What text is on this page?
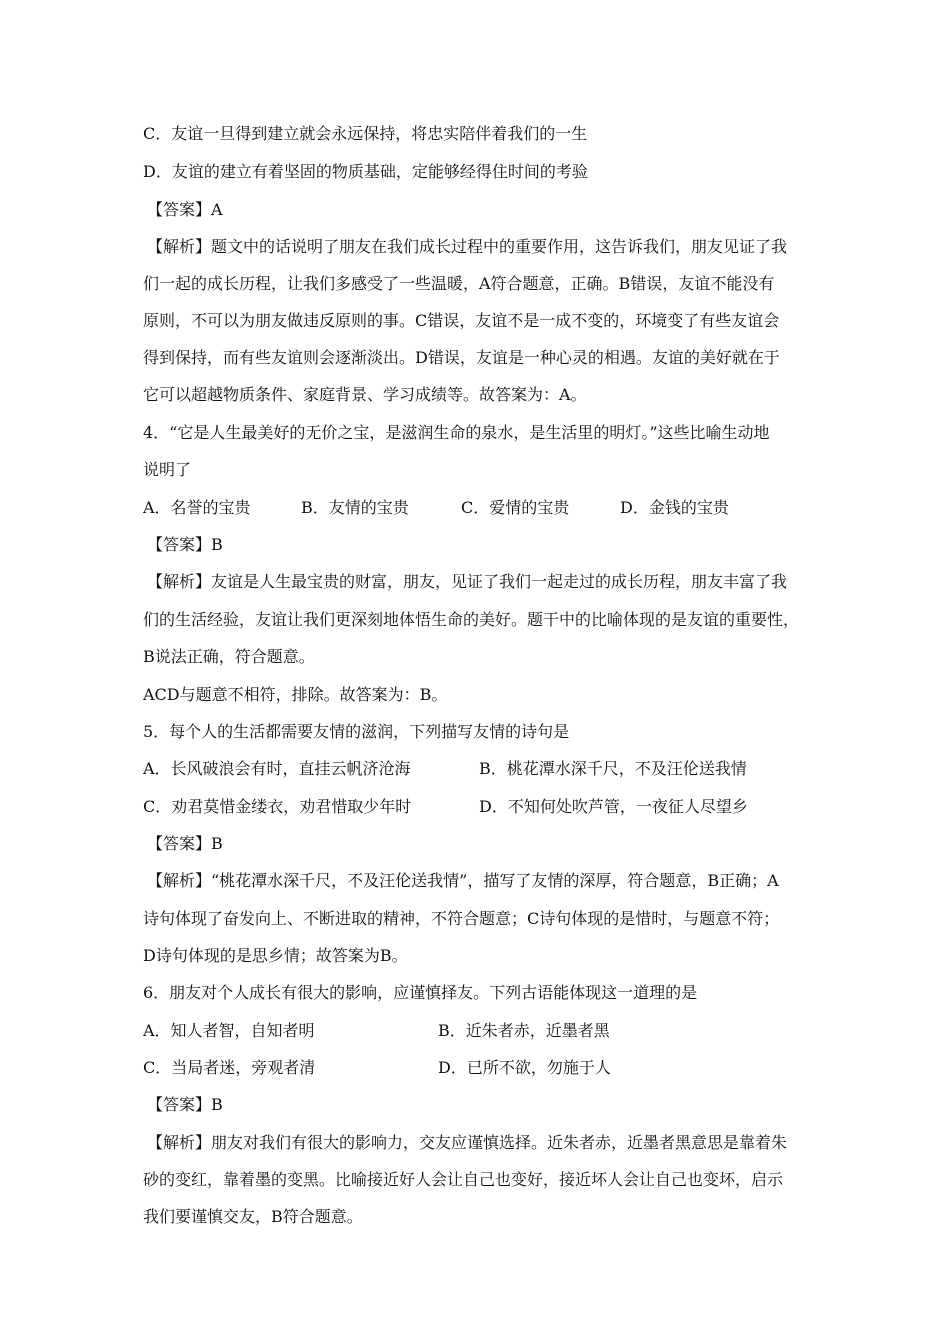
C．友谊一旦得到建立就会永远保持，将忠实陪伴着我们的一生
D．友谊的建立有着坚固的物质基础，定能够经得住时间的考验
【答案】A
【解析】题文中的话说明了朋友在我们成长过程中的重要作用，这告诉我们，朋友见证了我
们一起的成长历程，让我们多感受了一些温暖，A符合题意，正确。B错误，友谊不能没有
原则，不可以为朋友做违反原则的事。C错误，友谊不是一成不变的，环境变了有些友谊会
得到保持，而有些友谊则会逐渐淡出。D错误，友谊是一种心灵的相遇。友谊的美好就在于
它可以超越物质条件、家庭背景、学习成绩等。故答案为：A。
4．“它是人生最美好的无价之宝，是滋润生命的泉水，是生活里的明灯。”这些比喻生动地
说明了
A．名誉的宝贵	B．友情的宝贵	C．爱情的宝贵	D．金钱的宝贵
【答案】B
【解析】友谊是人生最宝贵的财富，朋友，见证了我们一起走过的成长历程，朋友丰富了我
们的生活经验，友谊让我们更深刻地体悟生命的美好。题干中的比喻体现的是友谊的重要性，
B说法正确，符合题意。
ACD与题意不相符，排除。故答案为：B。
5．每个人的生活都需要友情的滋润，下列描写友情的诗句是
A．长风破浪会有时，直挂云帆济沧海	B．桃花潭水深千尺，不及汪伦送我情
C．劝君莫惜金缕衣，劝君惜取少年时	D．不知何处吹芦管，一夜征人尽望乡
【答案】B
【解析】“桃花潭水深千尺，不及汪伦送我情”，描写了友情的深厚，符合题意，B正确；A
诗句体现了奋发向上、不断进取的精神，不符合题意；C诗句体现的是惜时，与题意不符；
D诗句体现的是思乡情；故答案为B。
6．朋友对个人成长有很大的影响，应谨慎择友。下列古语能体现这一道理的是
A．知人者智，自知者明	B．近朱者赤，近墨者黑
C．当局者迷，旁观者清	D．已所不欲，勿施于人
【答案】B
【解析】朋友对我们有很大的影响力，交友应谨慎选择。近朱者赤，近墨者黑意思是靠着朱
砂的变红，靠着墨的变黑。比喻接近好人会让自己也变好，接近坏人会让自己也变坏，启示
我们要谨慎交友，B符合题意。
